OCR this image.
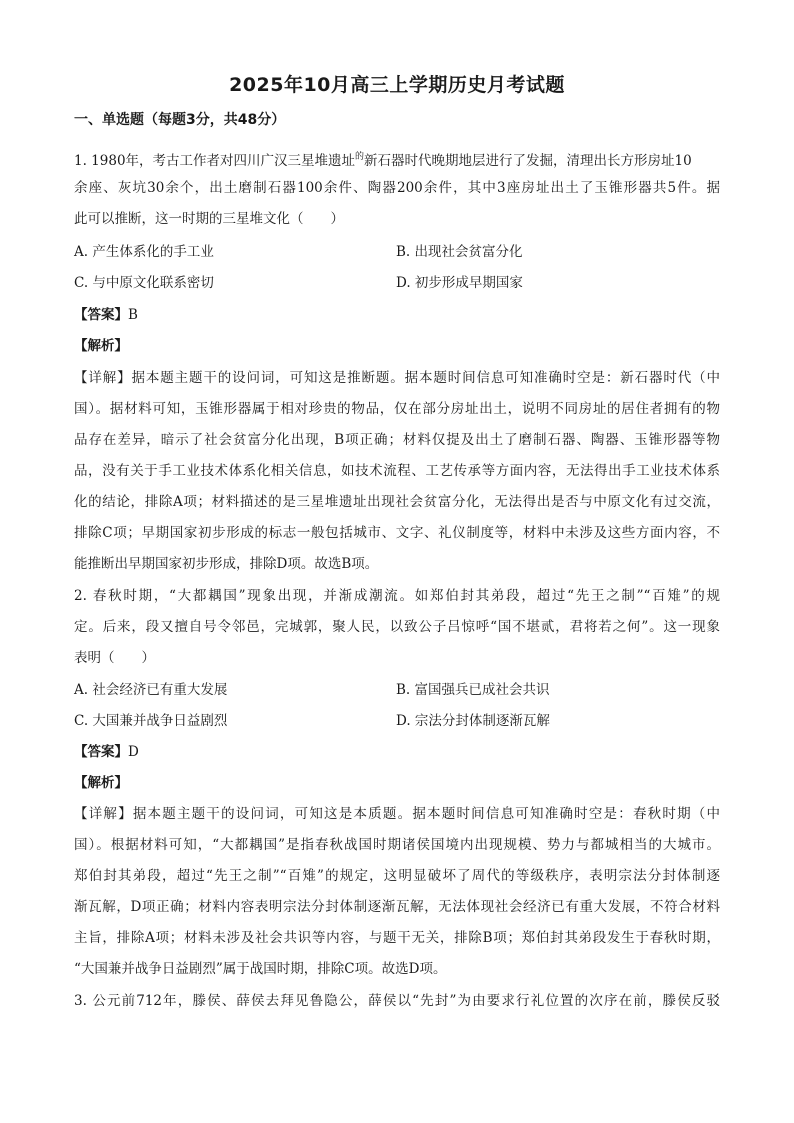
2025年10月高三上学期历史月考试题
一、单选题（每题3分，共48分）
1. 1980年，考古工作者对四川广汉三星堆遗址$^的$新石器时代晚期地层进行了发掘，清理出长方形房址10
余座、灰坑30余个，出土磨制石器100余件、陶器200余件，其中3座房址出土了玉锥形器共5件。据
此可以推断，这一时期的三星堆文化（　　）
A. 产生体系化的手工业	B. 出现社会贫富分化
C. 与中原文化联系密切	D. 初步形成早期国家
【答案】B
【解析】
【详解】据本题主题干的设问词，可知这是推断题。据本题时间信息可知准确时空是：新石器时代（中
国）。据材料可知，玉锥形器属于相对珍贵的物品，仅在部分房址出土，说明不同房址的居住者拥有的物
品存在差异，暗示了社会贫富分化出现，B项正确；材料仅提及出土了磨制石器、陶器、玉锥形器等物
品，没有关于手工业技术体系化相关信息，如技术流程、工艺传承等方面内容，无法得出手工业技术体系
化的结论，排除A项；材料描述的是三星堆遗址出现社会贫富分化，无法得出是否与中原文化有过交流，
排除C项；早期国家初步形成的标志一般包括城市、文字、礼仪制度等，材料中未涉及这些方面内容，不
能推断出早期国家初步形成，排除D项。故选B项。
2. 春秋时期，“大都耦国”现象出现，并渐成潮流。如郑伯封其弟段，超过“先王之制”“百雉”的规
定。后来，段又擅自号令邻邑，完城郭，聚人民，以致公子吕惊呼“国不堪贰，君将若之何”。这一现象
表明（　　）
A. 社会经济已有重大发展	B. 富国强兵已成社会共识
C. 大国兼并战争日益剧烈	D. 宗法分封体制逐渐瓦解
【答案】D
【解析】
【详解】据本题主题干的设问词，可知这是本质题。据本题时间信息可知准确时空是：春秋时期（中
国）。根据材料可知，“大都耦国”是指春秋战国时期诸侯国境内出现规模、势力与都城相当的大城市。
郑伯封其弟段，超过“先王之制”“百雉”的规定，这明显破坏了周代的等级秩序，表明宗法分封体制逐
渐瓦解，D项正确；材料内容表明宗法分封体制逐渐瓦解，无法体现社会经济已有重大发展，不符合材料
主旨，排除A项；材料未涉及社会共识等内容，与题干无关，排除B项；郑伯封其弟段发生于春秋时期，
“大国兼并战争日益剧烈”属于战国时期，排除C项。故选D项。
3. 公元前712年，滕侯、薛侯去拜见鲁隐公，薛侯以“先封”为由要求行礼位置的次序在前，滕侯反驳
